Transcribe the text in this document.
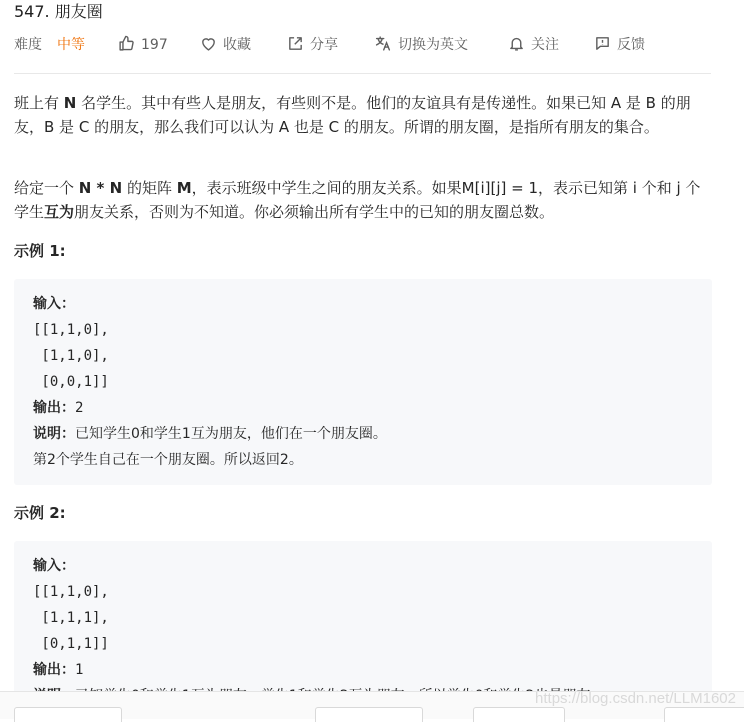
547. 朋友圈
难度 中等	197	收藏	分享	切换为英文	关注	反馈

班上有 N 名学生。其中有些人是朋友，有些则不是。他们的友谊具有是传递性。如果已知 A 是 B 的朋友，B 是 C 的朋友，那么我们可以认为 A 也是 C 的朋友。所谓的朋友圈，是指所有朋友的集合。

给定一个 N * N 的矩阵 M，表示班级中学生之间的朋友关系。如果M[i][j] = 1，表示已知第 i 个和 j 个学生互为朋友关系，否则为不知道。你必须输出所有学生中的已知的朋友圈总数。

示例 1:
输入：
[[1,1,0],
[1,1,0],
[0,0,1]]
输出：2
说明：已知学生0和学生1互为朋友，他们在一个朋友圈。
第2个学生自己在一个朋友圈。所以返回2。
示例 2:
输入：
[[1,1,0],
[1,1,1],
[0,1,1]]
输出：1
https://blog.csdn.net/LLM1602
